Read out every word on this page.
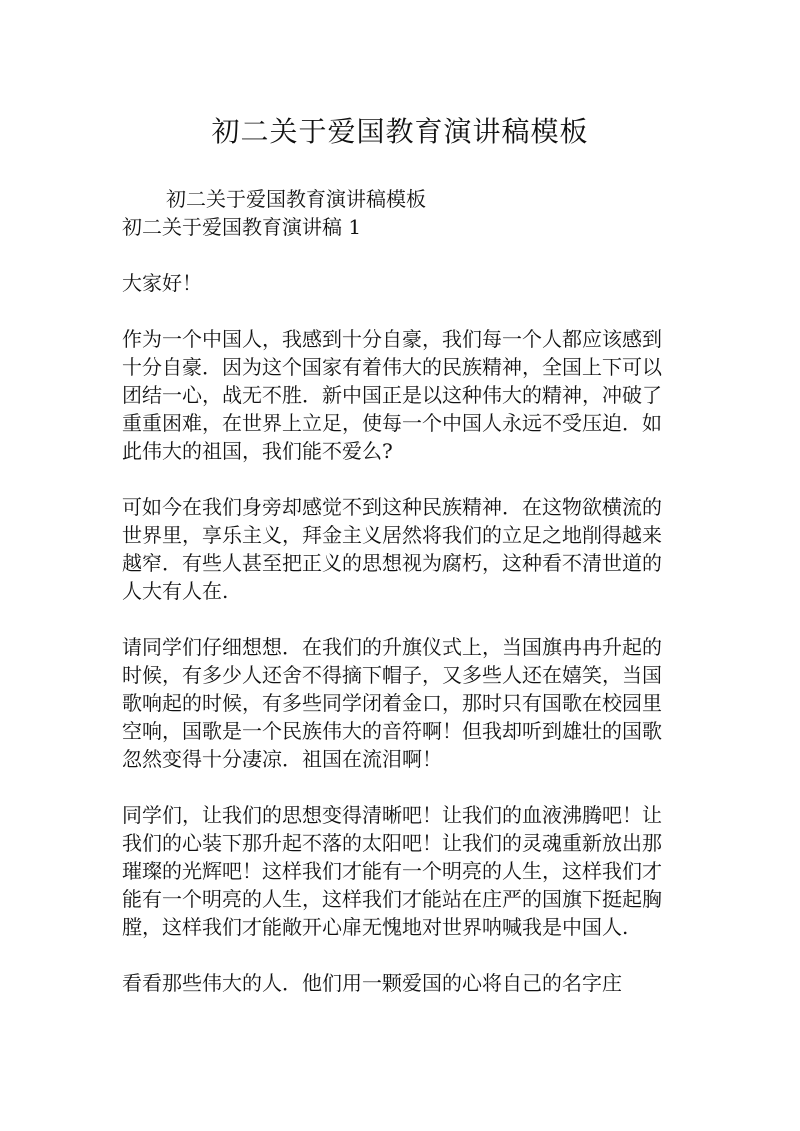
初二关于爱国教育演讲稿模板

初二关于爱国教育演讲稿模板

初二关于爱国教育演讲稿 1

大家好！

作为一个中国人，我感到十分自豪，我们每一个人都应该感到十分自豪．因为这个国家有着伟大的民族精神，全国上下可以团结一心，战无不胜．新中国正是以这种伟大的精神，冲破了重重困难，在世界上立足，使每一个中国人永远不受压迫．如此伟大的祖国，我们能不爱么?

可如今在我们身旁却感觉不到这种民族精神．在这物欲横流的世界里，享乐主义，拜金主义居然将我们的立足之地削得越来越窄．有些人甚至把正义的思想视为腐朽，这种看不清世道的人大有人在.

请同学们仔细想想．在我们的升旗仪式上，当国旗冉冉升起的时候，有多少人还舍不得摘下帽子，又多些人还在嬉笑，当国歌响起的时候，有多些同学闭着金口，那时只有国歌在校园里空响，国歌是一个民族伟大的音符啊！但我却听到雄壮的国歌忽然变得十分凄凉．祖国在流泪啊！

同学们，让我们的思想变得清晰吧！让我们的血液沸腾吧！让我们的心装下那升起不落的太阳吧！让我们的灵魂重新放出那璀璨的光辉吧！这样我们才能有一个明亮的人生，这样我们才能有一个明亮的人生，这样我们才能站在庄严的国旗下挺起胸膛，这样我们才能敞开心扉无愧地对世界呐喊我是中国人.

看看那些伟大的人．他们用一颗爱国的心将自己的名字庄
